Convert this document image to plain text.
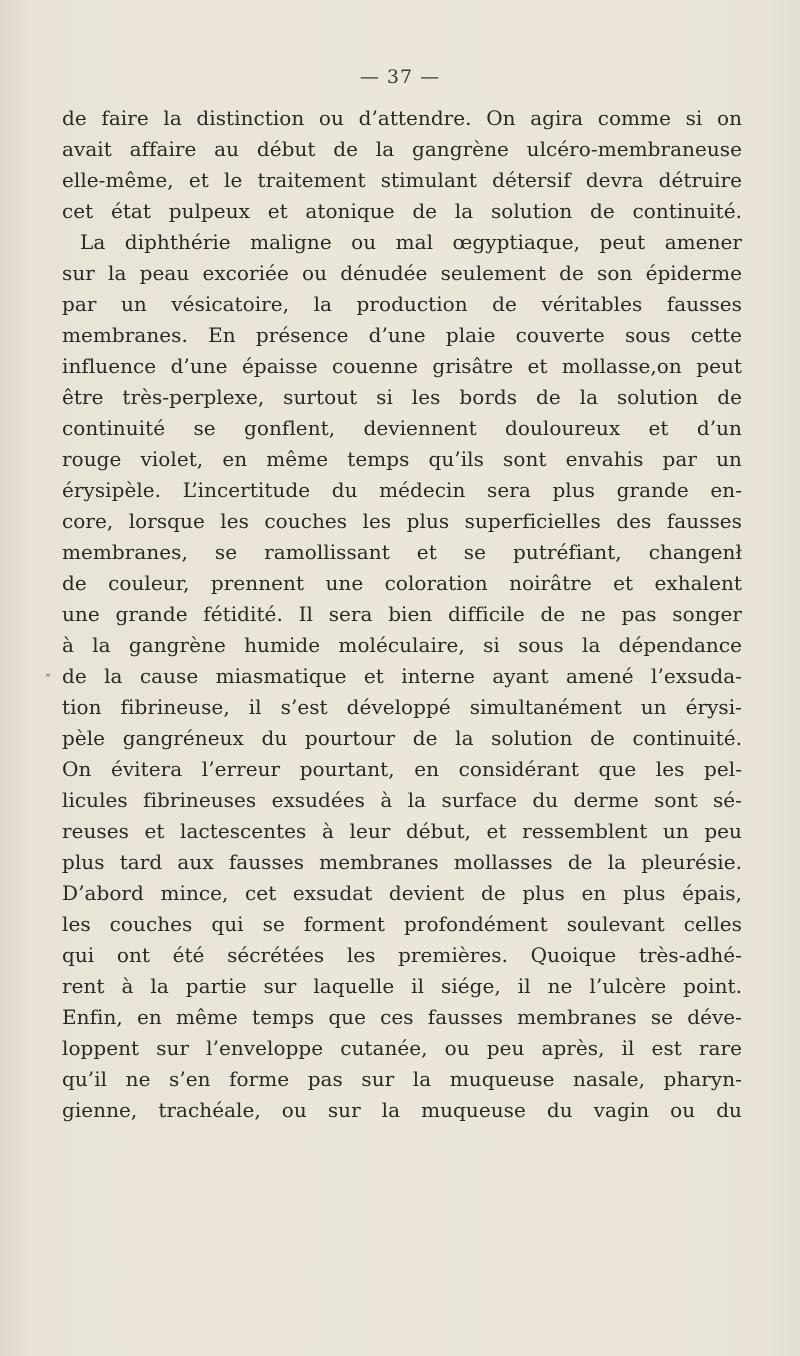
— 37 —
˝
de faire la distinction ou d’attendre. On agira comme si on
avait affaire au début de la gangrène ulcéro-membraneuse
elle-même, et le traitement stimulant détersif devra détruire
cet état pulpeux et atonique de la solution de continuité.
La diphthérie maligne ou mal œgyptiaque, peut amener
sur la peau excoriée ou dénudée seulement de son épiderme
par un vésicatoire, la production de véritables fausses
membranes. En présence d’une plaie couverte sous cette
influence d’une épaisse couenne grisâtre et mollasse,on peut
être très-perplexe, surtout si les bords de la solution de
continuité se gonflent, deviennent douloureux et d’un
rouge violet, en même temps qu’ils sont envahis par un
érysipèle. L’incertitude du médecin sera plus grande en-
core, lorsque les couches les plus superficielles des fausses
membranes, se ramollissant et se putréfiant, changenł
de couleur, prennent une coloration noirâtre et exhalent
une grande fétidité. Il sera bien difficile de ne pas songer
à la gangrène humide moléculaire, si sous la dépendance
de la cause miasmatique et interne ayant amené l’exsuda-
tion fibrineuse, il s’est développé simultanément un érysi-
pèle gangréneux du pourtour de la solution de continuité.
On évitera l’erreur pourtant, en considérant que les pel-
licules fibrineuses exsudées à la surface du derme sont sé-
reuses et lactescentes à leur début, et ressemblent un peu
plus tard aux fausses membranes mollasses de la pleurésie.
D’abord mince, cet exsudat devient de plus en plus épais,
les couches qui se forment profondément soulevant celles
qui ont été sécrétées les premières. Quoique très-adhé-
rent à la partie sur laquelle il siége, il ne l’ulcère point.
Enfin, en même temps que ces fausses membranes se déve-
loppent sur l’enveloppe cutanée, ou peu après, il est rare
qu’il ne s’en forme pas sur la muqueuse nasale, pharyn-
gienne, trachéale, ou sur la muqueuse du vagin ou du
